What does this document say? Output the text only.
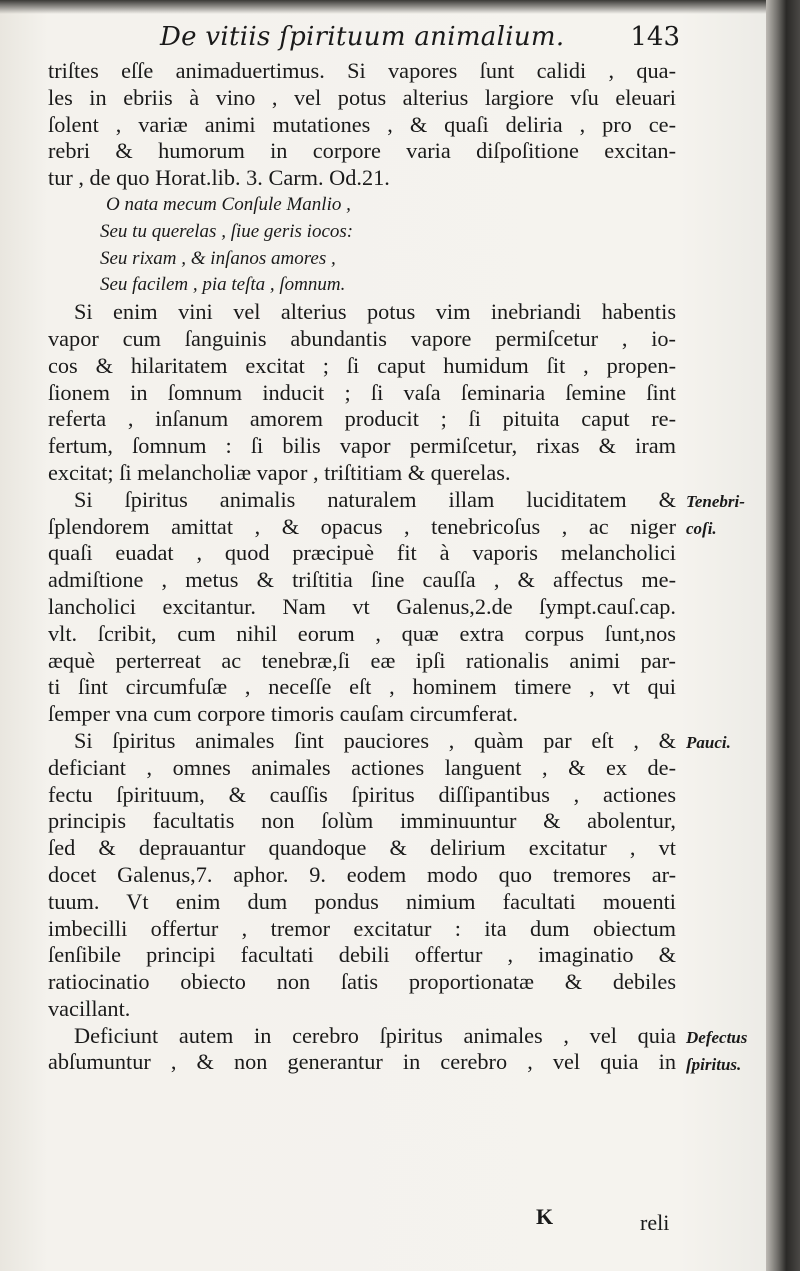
De vitiis ſpirituum animalium.	143
triſtes eſſe animaduertimus. Si vapores ſunt calidi , qua-
les in ebriis à vino , vel potus alterius largiore vſu eleuari
ſolent , variæ animi mutationes , & quaſi deliria , pro ce-
rebri & humorum in corpore varia diſpoſitione excitan-
tur , de quo Horat.lib. 3. Carm. Od.21.
O nata mecum Conſule Manlio ,
Seu tu querelas , ſiue geris iocos:
Seu rixam , & inſanos amores ,
Seu facilem , pia teſta , ſomnum.
Si enim vini vel alterius potus vim inebriandi habentis
vapor cum ſanguinis abundantis vapore permiſcetur , io-
cos & hilaritatem excitat ; ſi caput humidum ſit , propen-
ſionem in ſomnum inducit ; ſi vaſa ſeminaria ſemine ſint
referta , inſanum amorem producit ; ſi pituita caput re-
fertum, ſomnum : ſi bilis vapor permiſcetur, rixas & iram
excitat; ſi melancholiæ vapor , triſtitiam & querelas.
Si ſpiritus animalis naturalem illam luciditatem &
ſplendorem amittat , & opacus , tenebricoſus , ac niger
quaſi euadat , quod præcipuè fit à vaporis melancholici
admiſtione , metus & triſtitia ſine cauſſa , & affectus me-
lancholici excitantur. Nam vt Galenus,2.de ſympt.cauſ.cap.
vlt. ſcribit, cum nihil eorum , quæ extra corpus ſunt,nos
æquè perterreat ac tenebræ,ſi eæ ipſi rationalis animi par-
ti ſint circumfuſæ , neceſſe eſt , hominem timere , vt qui
ſemper vna cum corpore timoris cauſam circumferat.
Si ſpiritus animales ſint pauciores , quàm par eſt , &
deficiant , omnes animales actiones languent , & ex de-
fectu ſpirituum, & cauſſis ſpiritus diſſipantibus , actiones
principis facultatis non ſolùm imminuuntur & abolentur,
ſed & deprauantur quandoque & delirium excitatur , vt
docet Galenus,7. aphor. 9. eodem modo quo tremores ar-
tuum. Vt enim dum pondus nimium facultati mouenti
imbecilli offertur , tremor excitatur : ita dum obiectum
ſenſibile principi facultati debili offertur , imaginatio &
ratiocinatio obiecto non ſatis proportionatæ & debiles
vacillant.
Deficiunt autem in cerebro ſpiritus animales , vel quia
abſumuntur , & non generantur in cerebro , vel quia in
Tenebri-
coſi.
Pauci.
Defectus
ſpiritus.
K	reli
